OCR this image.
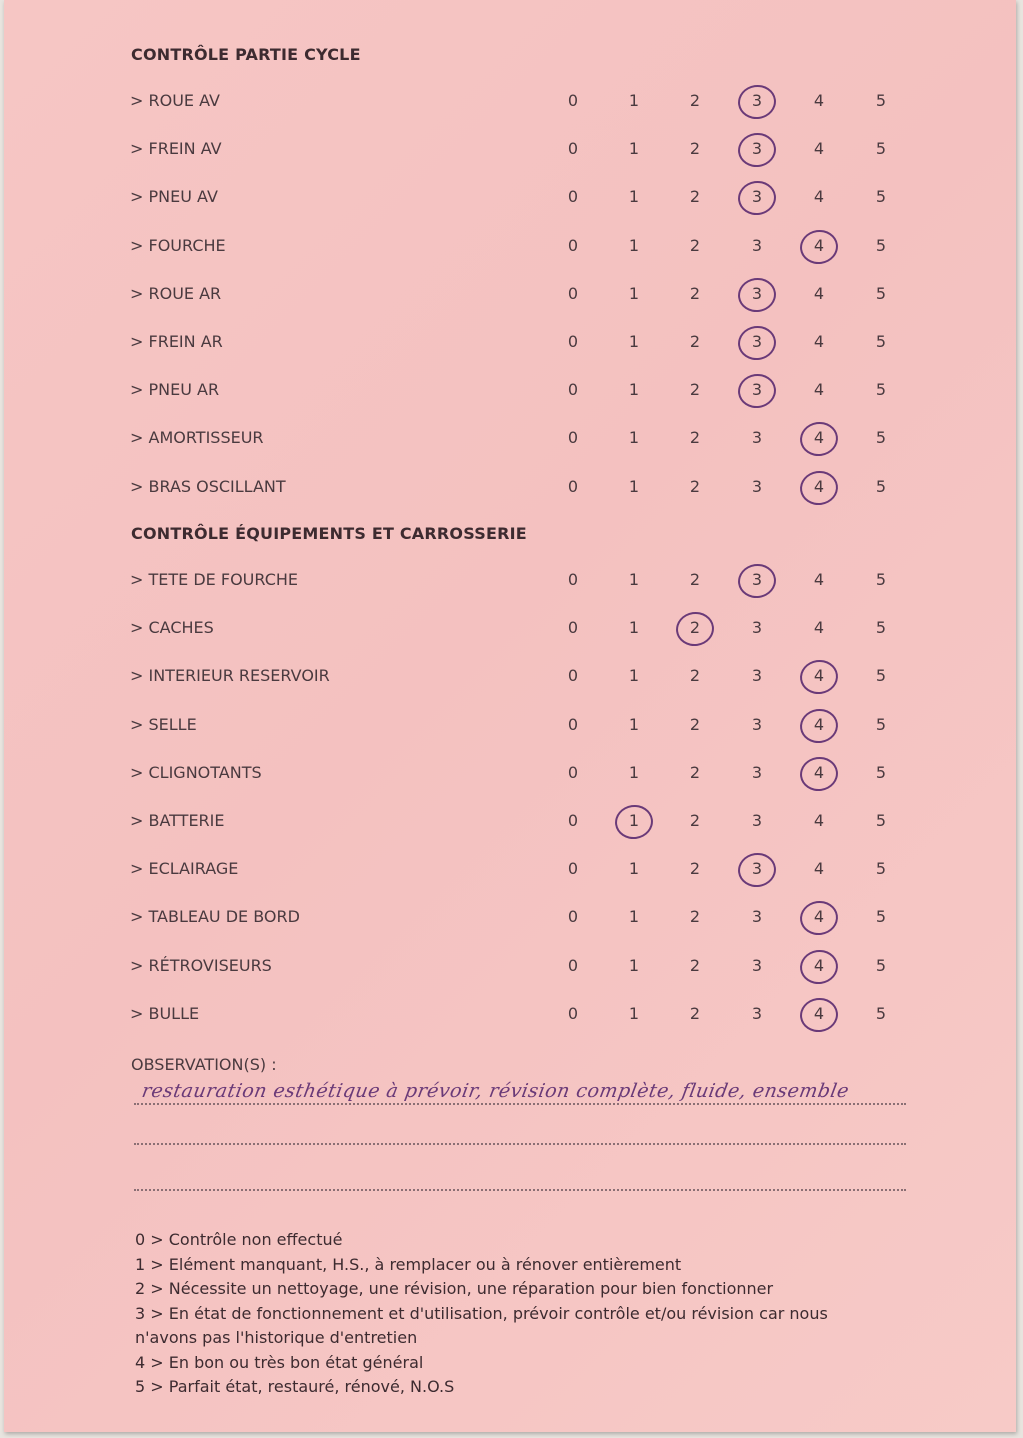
CONTRÔLE PARTIE CYCLE
> ROUE AV	0	1	2	3	4	5
> FREIN AV	0	1	2	3	4	5
> PNEU AV	0	1	2	3	4	5
> FOURCHE	0	1	2	3	4	5
> ROUE AR	0	1	2	3	4	5
> FREIN AR	0	1	2	3	4	5
> PNEU AR	0	1	2	3	4	5
> AMORTISSEUR	0	1	2	3	4	5
> BRAS OSCILLANT	0	1	2	3	4	5
CONTRÔLE ÉQUIPEMENTS ET CARROSSERIE
> TETE DE FOURCHE	0	1	2	3	4	5
> CACHES	0	1	2	3	4	5
> INTERIEUR RESERVOIR	0	1	2	3	4	5
> SELLE	0	1	2	3	4	5
> CLIGNOTANTS	0	1	2	3	4	5
> BATTERIE	0	1	2	3	4	5
> ECLAIRAGE	0	1	2	3	4	5
> TABLEAU DE BORD	0	1	2	3	4	5
> RÉTROVISEURS	0	1	2	3	4	5
> BULLE	0	1	2	3	4	5
OBSERVATION(S) :
restauration esthétique à prévoir, révision complète, fluide, ensemble
0 > Contrôle non effectué
1 > Elément manquant, H.S., à remplacer ou à rénover entièrement
2 > Nécessite un nettoyage, une révision, une réparation pour bien fonctionner
3 > En état de fonctionnement et d'utilisation, prévoir contrôle et/ou révision car nous
n'avons pas l'historique d'entretien
4 > En bon ou très bon état général
5 > Parfait état, restauré, rénové, N.O.S
